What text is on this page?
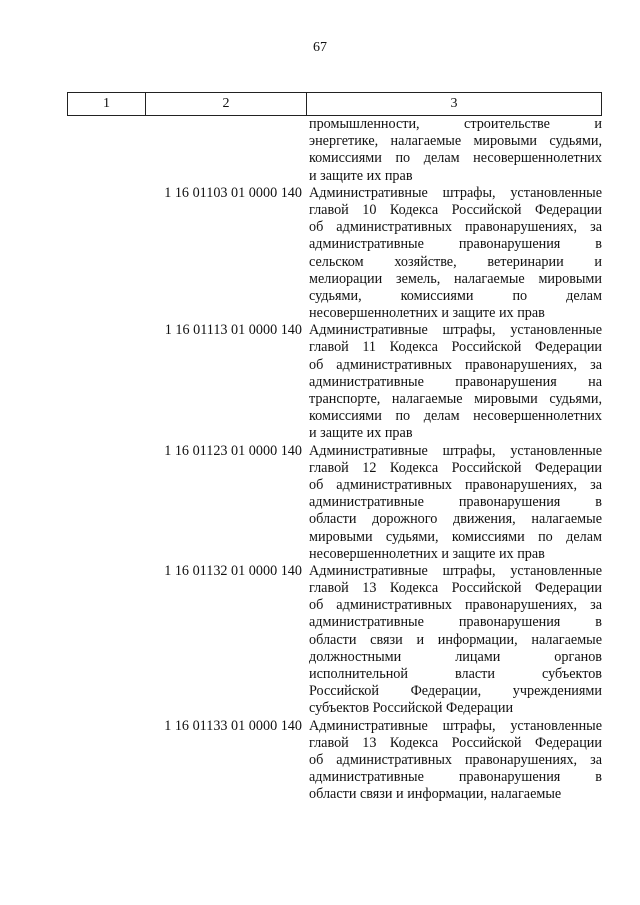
67
1	2	3
промышленности, строительстве и
энергетике, налагаемые мировыми судьями,
комиссиями по делам несовершеннолетних
и защите их прав
1 16 01103 01 0000 140 Административные штрафы, установленные
главой 10 Кодекса Российской Федерации
об административных правонарушениях, за
административные правонарушения в
сельском хозяйстве, ветеринарии и
мелиорации земель, налагаемые мировыми
судьями, комиссиями по делам
несовершеннолетних и защите их прав
1 16 01113 01 0000 140 Административные штрафы, установленные
главой 11 Кодекса Российской Федерации
об административных правонарушениях, за
административные правонарушения на
транспорте, налагаемые мировыми судьями,
комиссиями по делам несовершеннолетних
и защите их прав
1 16 01123 01 0000 140 Административные штрафы, установленные
главой 12 Кодекса Российской Федерации
об административных правонарушениях, за
административные правонарушения в
области дорожного движения, налагаемые
мировыми судьями, комиссиями по делам
несовершеннолетних и защите их прав
1 16 01132 01 0000 140 Административные штрафы, установленные
главой 13 Кодекса Российской Федерации
об административных правонарушениях, за
административные правонарушения в
области связи и информации, налагаемые
должностными лицами органов
исполнительной власти субъектов
Российской Федерации, учреждениями
субъектов Российской Федерации
1 16 01133 01 0000 140 Административные штрафы, установленные
главой 13 Кодекса Российской Федерации
об административных правонарушениях, за
административные правонарушения в
области связи и информации, налагаемые
